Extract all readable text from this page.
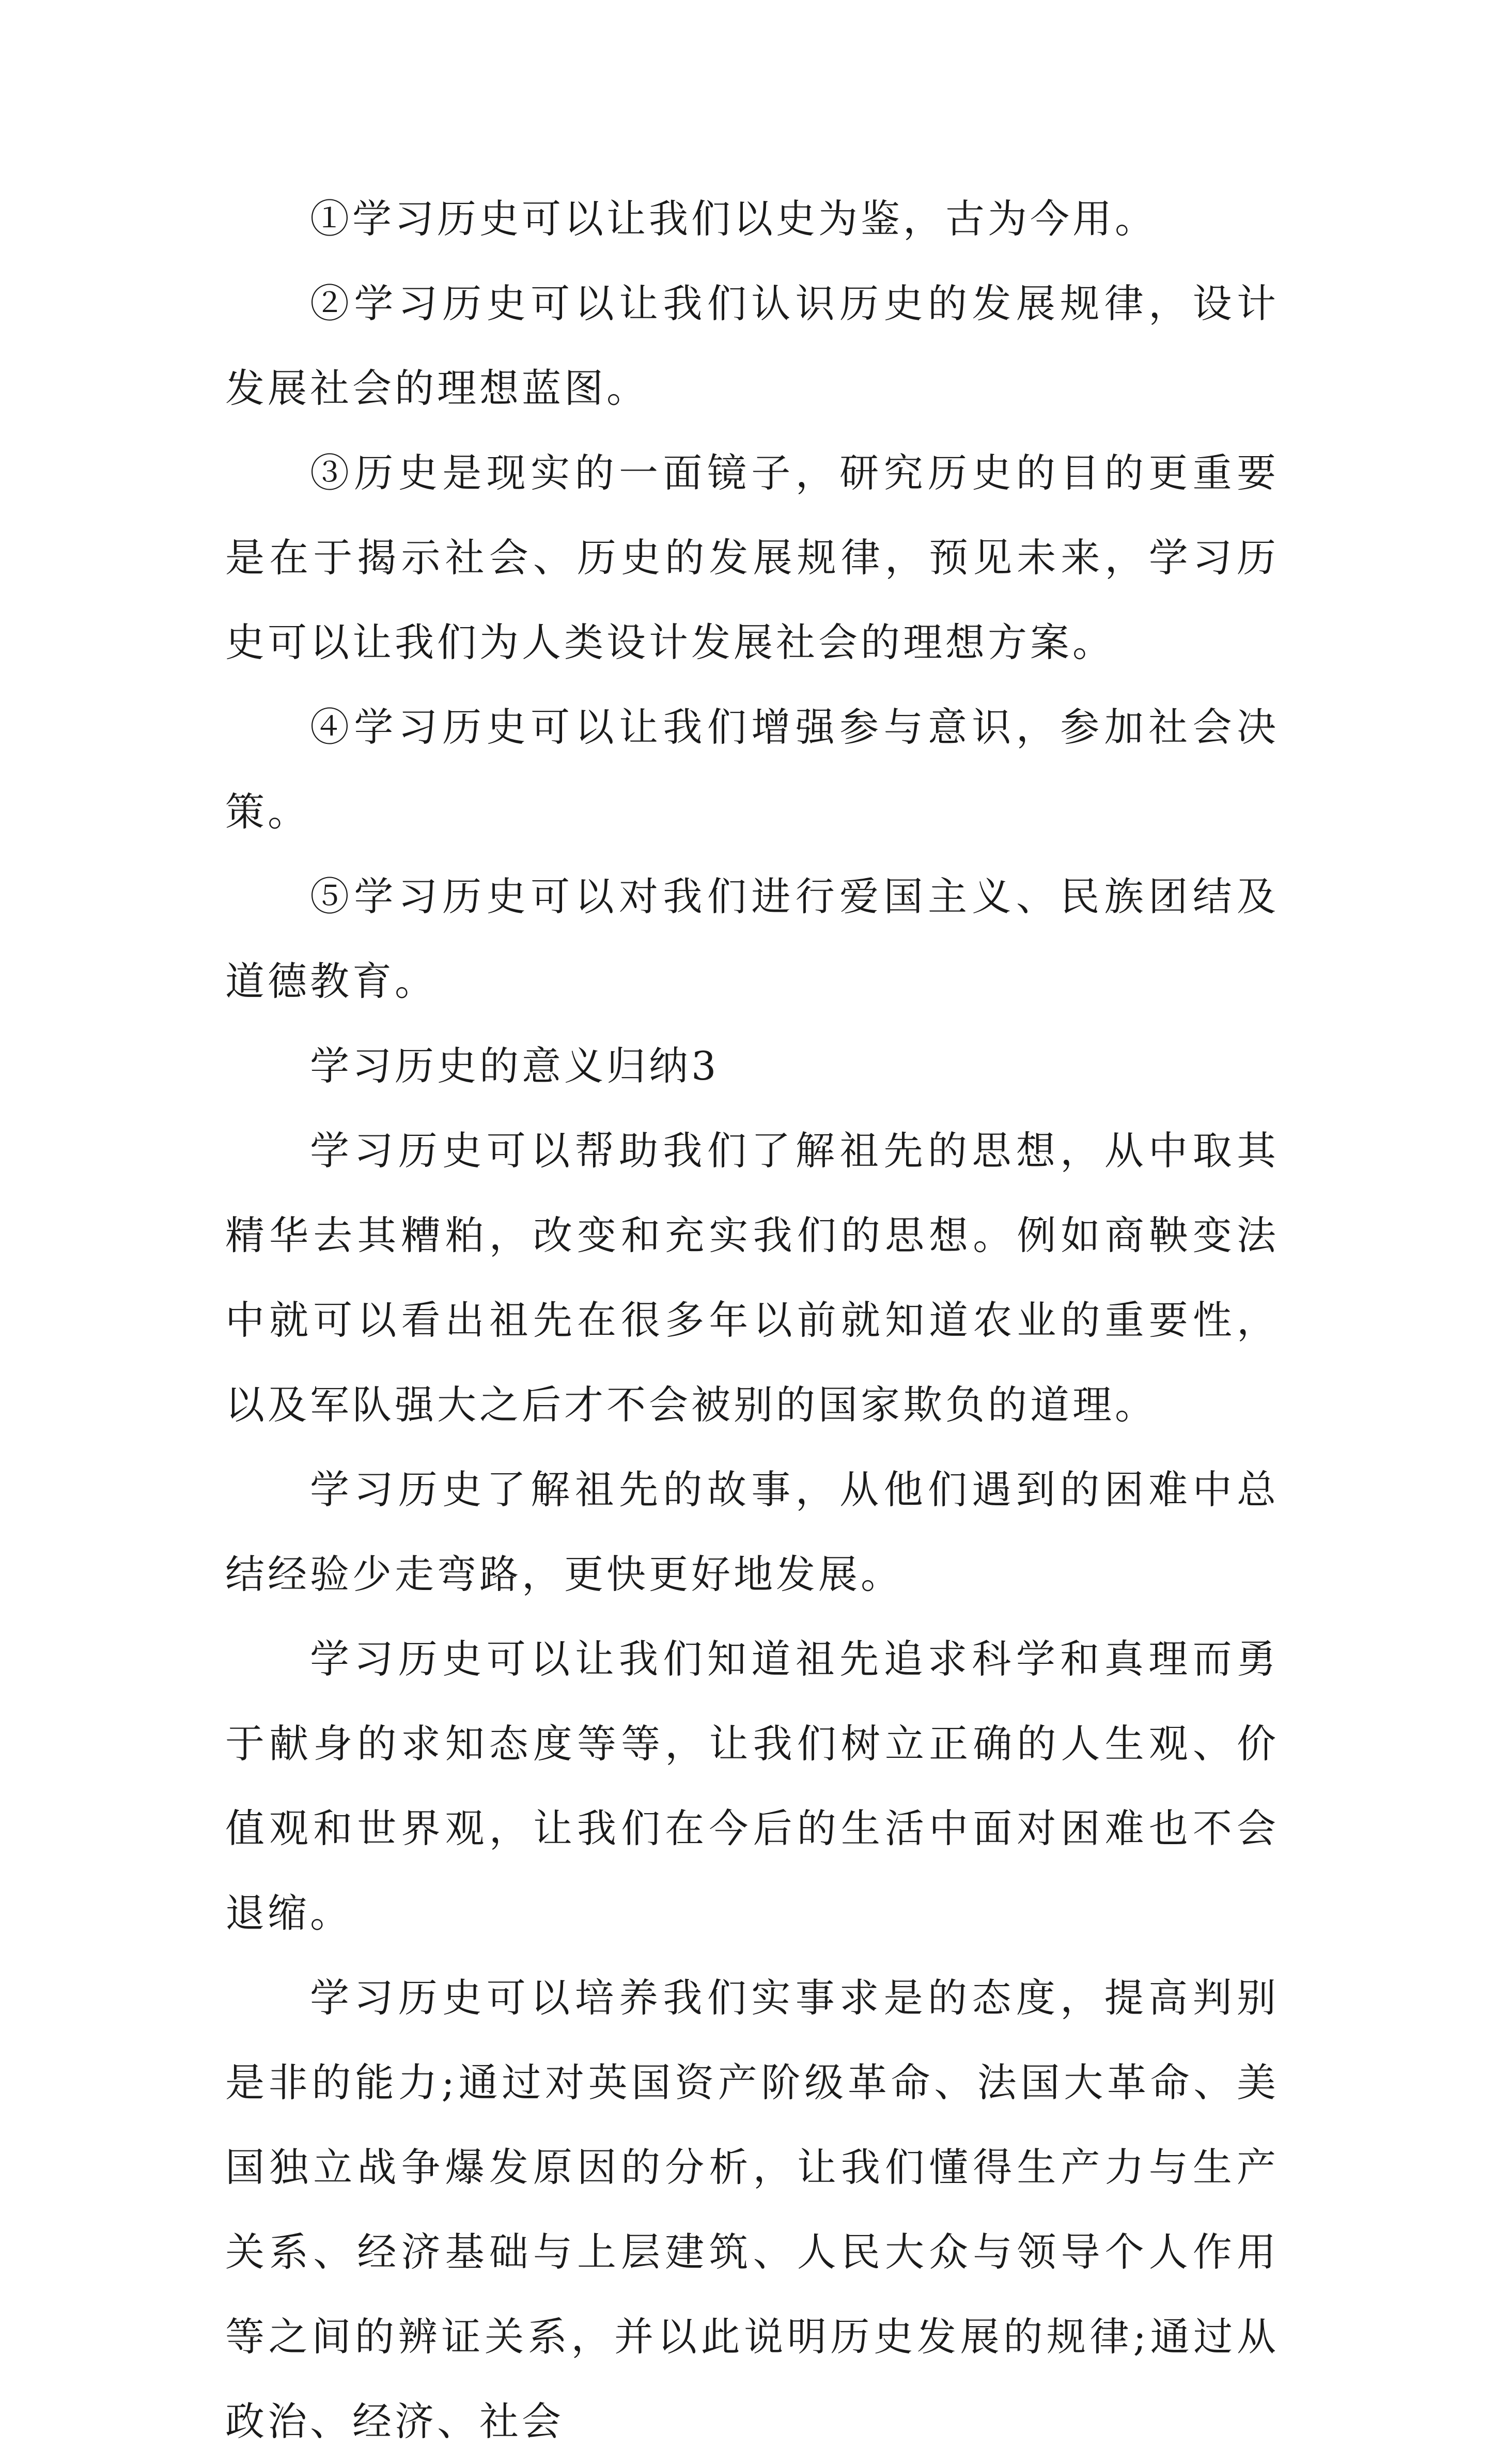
①学习历史可以让我们以史为鉴，古为今用。

②学习历史可以让我们认识历史的发展规律，设计发展社会的理想蓝图。

③历史是现实的一面镜子，研究历史的目的更重要是在于揭示社会、历史的发展规律，预见未来，学习历史可以让我们为人类设计发展社会的理想方案。

④学习历史可以让我们增强参与意识，参加社会决策。

⑤学习历史可以对我们进行爱国主义、民族团结及道德教育。

学习历史的意义归纳3

学习历史可以帮助我们了解祖先的思想，从中取其精华去其糟粕，改变和充实我们的思想。例如商鞅变法中就可以看出祖先在很多年以前就知道农业的重要性，以及军队强大之后才不会被别的国家欺负的道理。

学习历史了解祖先的故事，从他们遇到的困难中总结经验少走弯路，更快更好地发展。

学习历史可以让我们知道祖先追求科学和真理而勇于献身的求知态度等等，让我们树立正确的人生观、价值观和世界观，让我们在今后的生活中面对困难也不会退缩。

学习历史可以培养我们实事求是的态度，提高判别是非的能力;通过对英国资产阶级革命、法国大革命、美国独立战争爆发原因的分析，让我们懂得生产力与生产关系、经济基础与上层建筑、人民大众与领导个人作用等之间的辨证关系，并以此说明历史发展的规律;通过从政治、经济、社会
